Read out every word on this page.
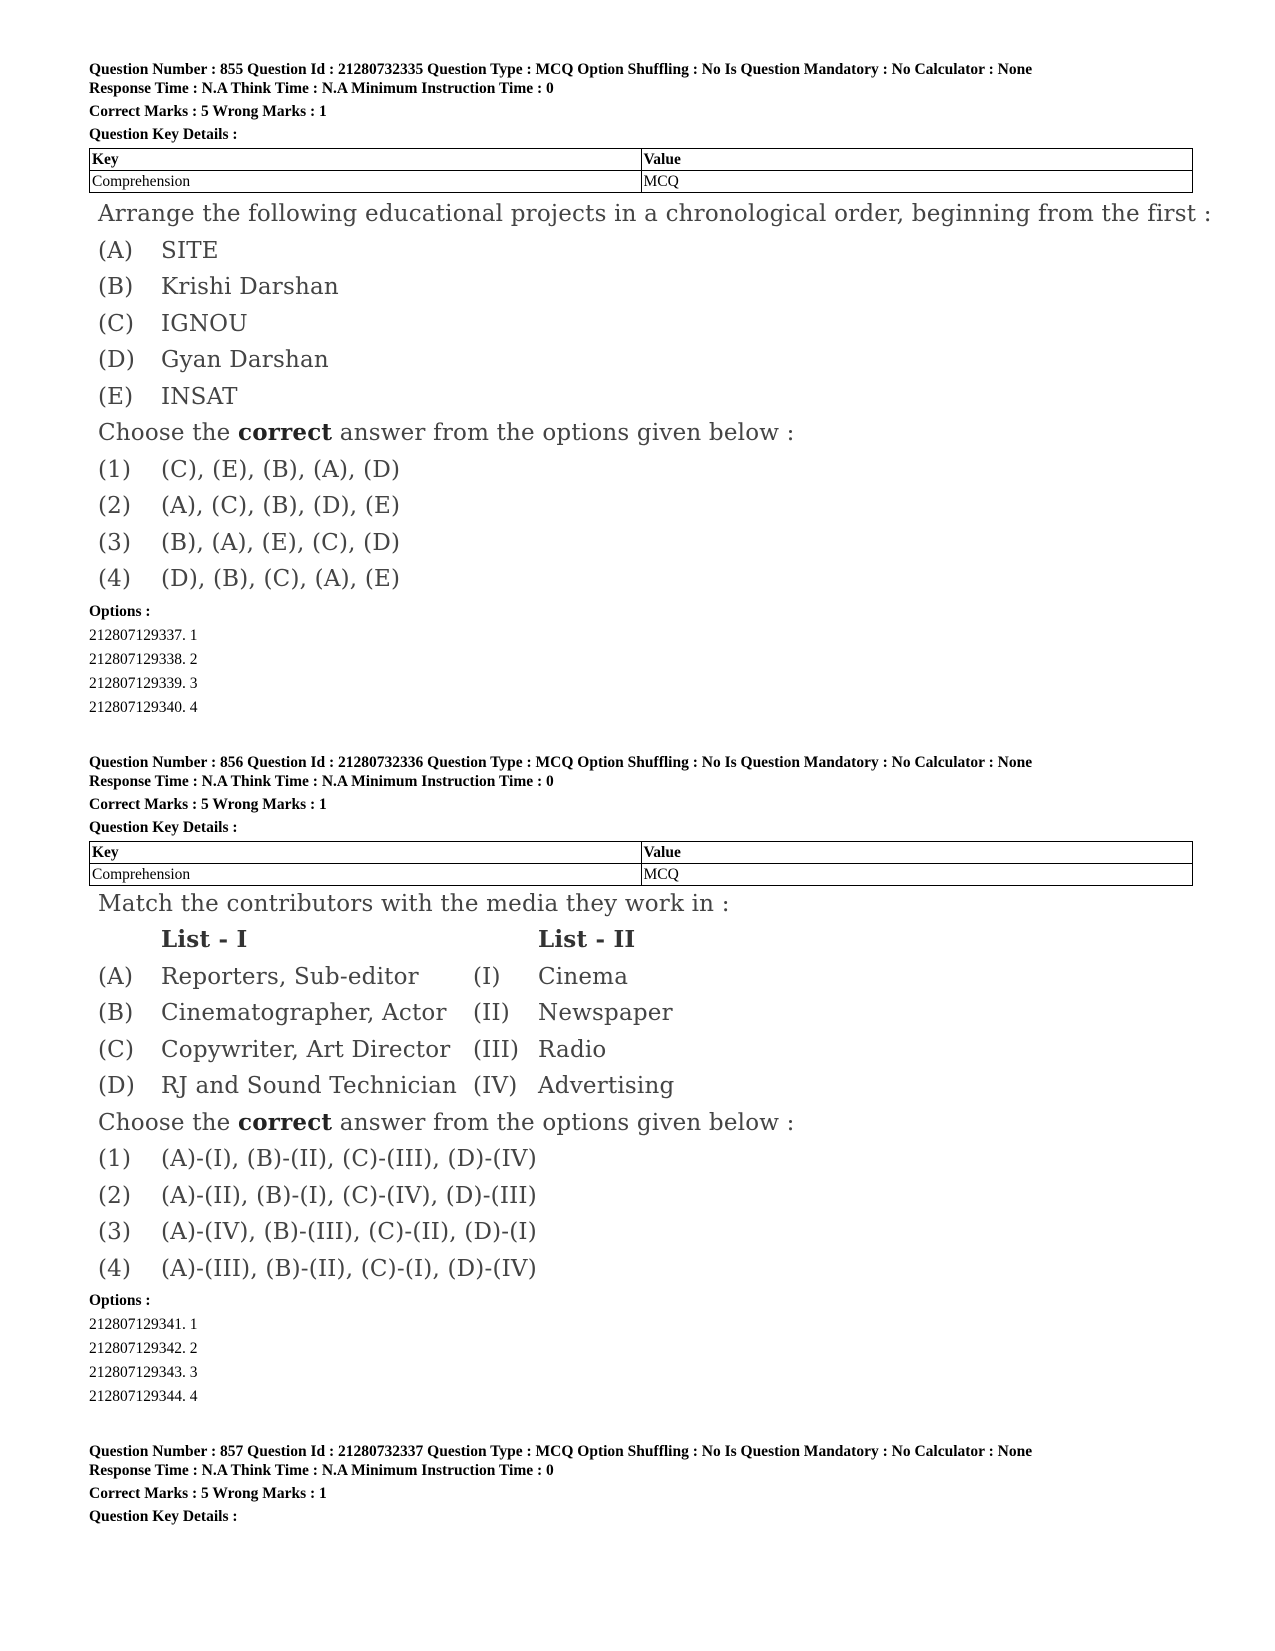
Question Number : 855 Question Id : 21280732335 Question Type : MCQ Option Shuffling : No Is Question Mandatory : No Calculator : None
Response Time : N.A Think Time : N.A Minimum Instruction Time : 0
Correct Marks : 5 Wrong Marks : 1
Question Key Details :
Key	Value
Comprehension	MCQ
Arrange the following educational projects in a chronological order, beginning from the first :
(A) SITE
(B) Krishi Darshan
(C) IGNOU
(D) Gyan Darshan
(E) INSAT
Choose the correct answer from the options given below :
(1) (C), (E), (B), (A), (D)
(2) (A), (C), (B), (D), (E)
(3) (B), (A), (E), (C), (D)
(4) (D), (B), (C), (A), (E)
Options :
212807129337. 1
212807129338. 2
212807129339. 3
212807129340. 4
Question Number : 856 Question Id : 21280732336 Question Type : MCQ Option Shuffling : No Is Question Mandatory : No Calculator : None
Response Time : N.A Think Time : N.A Minimum Instruction Time : 0
Correct Marks : 5 Wrong Marks : 1
Question Key Details :
Key	Value
Comprehension	MCQ
Match the contributors with the media they work in :
List - I	List - II
(A) Reporters, Sub-editor (I) Cinema
(B) Cinematographer, Actor (II) Newspaper
(C) Copywriter, Art Director (III) Radio
(D) RJ and Sound Technician (IV) Advertising
Choose the correct answer from the options given below :
(1) (A)-(I), (B)-(II), (C)-(III), (D)-(IV)
(2) (A)-(II), (B)-(I), (C)-(IV), (D)-(III)
(3) (A)-(IV), (B)-(III), (C)-(II), (D)-(I)
(4) (A)-(III), (B)-(II), (C)-(I), (D)-(IV)
Options :
212807129341. 1
212807129342. 2
212807129343. 3
212807129344. 4
Question Number : 857 Question Id : 21280732337 Question Type : MCQ Option Shuffling : No Is Question Mandatory : No Calculator : None
Response Time : N.A Think Time : N.A Minimum Instruction Time : 0
Correct Marks : 5 Wrong Marks : 1
Question Key Details :
